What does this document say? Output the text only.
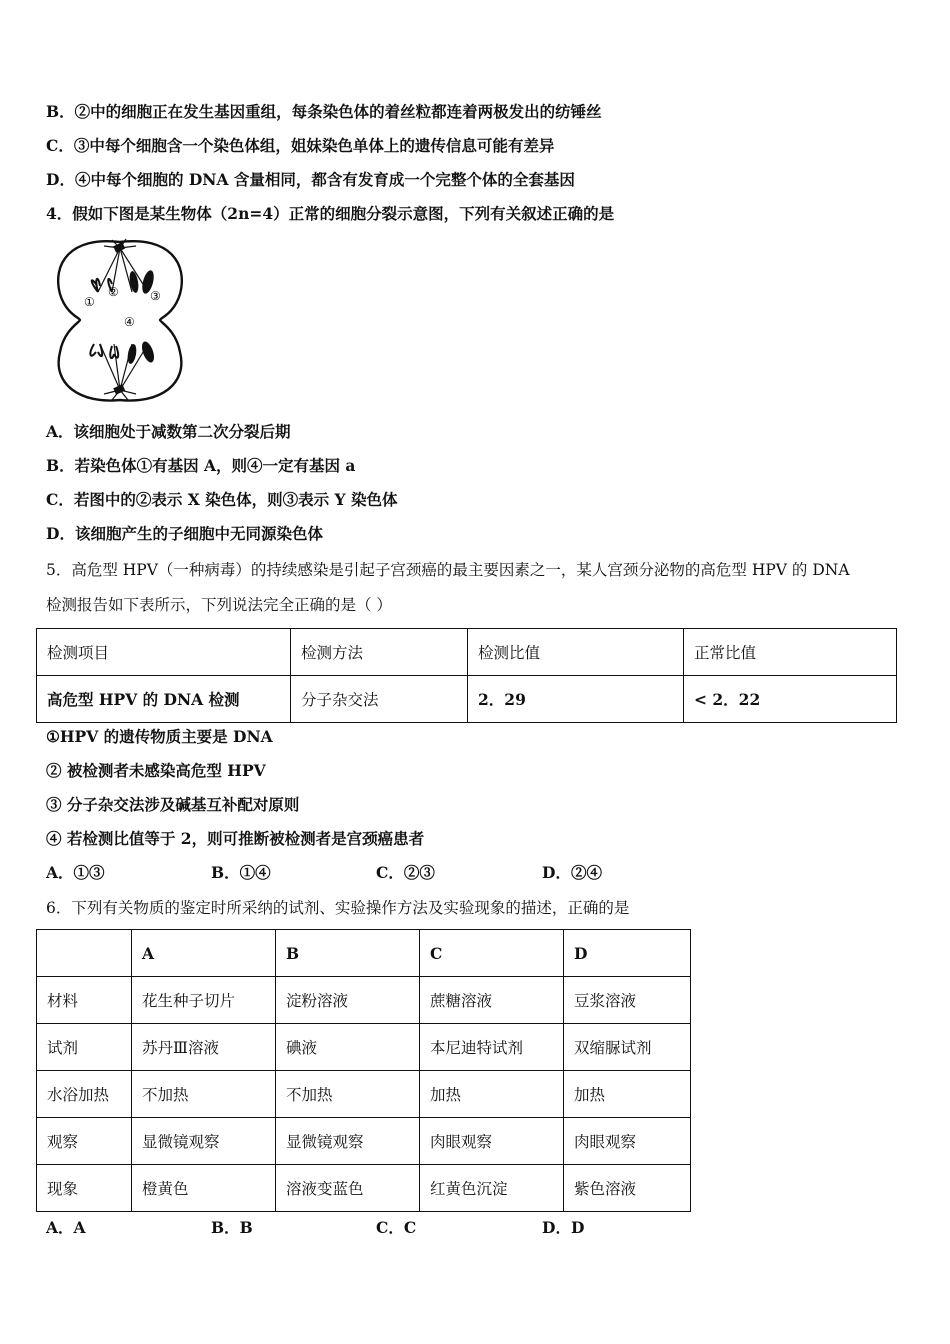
B．②中的细胞正在发生基因重组，每条染色体的着丝粒都连着两极发出的纺锤丝
C．③中每个细胞含一个染色体组，姐妹染色单体上的遗传信息可能有差异
D．④中每个细胞的 DNA 含量相同，都含有发育成一个完整个体的全套基因
4．假如下图是某生物体（2n=4）正常的细胞分裂示意图，下列有关叙述正确的是
①
②	③
④
A．该细胞处于减数第二次分裂后期
B．若染色体①有基因 A，则④一定有基因 a
C．若图中的②表示 X 染色体，则③表示 Y 染色体
D．该细胞产生的子细胞中无同源染色体
5．高危型 HPV（一种病毒）的持续感染是引起子宫颈癌的最主要因素之一，某人宫颈分泌物的高危型 HPV 的 DNA
检测报告如下表所示，下列说法完全正确的是（ ）
检测项目	检测方法	检测比值	正常比值
高危型 HPV 的 DNA 检测	分子杂交法	2．29	< 2．22
①HPV 的遗传物质主要是 DNA
② 被检测者未感染高危型 HPV
③ 分子杂交法涉及碱基互补配对原则
④ 若检测比值等于 2，则可推断被检测者是宫颈癌患者
A．①③	B．①④	C．②③	D．②④
6．下列有关物质的鉴定时所采纳的试剂、实验操作方法及实验现象的描述，正确的是
	A	B	C	D
材料	花生种子切片	淀粉溶液	蔗糖溶液	豆浆溶液
试剂	苏丹Ⅲ溶液	碘液	本尼迪特试剂	双缩脲试剂
水浴加热	不加热	不加热	加热	加热
观察	显微镜观察	显微镜观察	肉眼观察	肉眼观察
现象	橙黄色	溶液变蓝色	红黄色沉淀	紫色溶液
A．A	B．B	C．C	D．D
